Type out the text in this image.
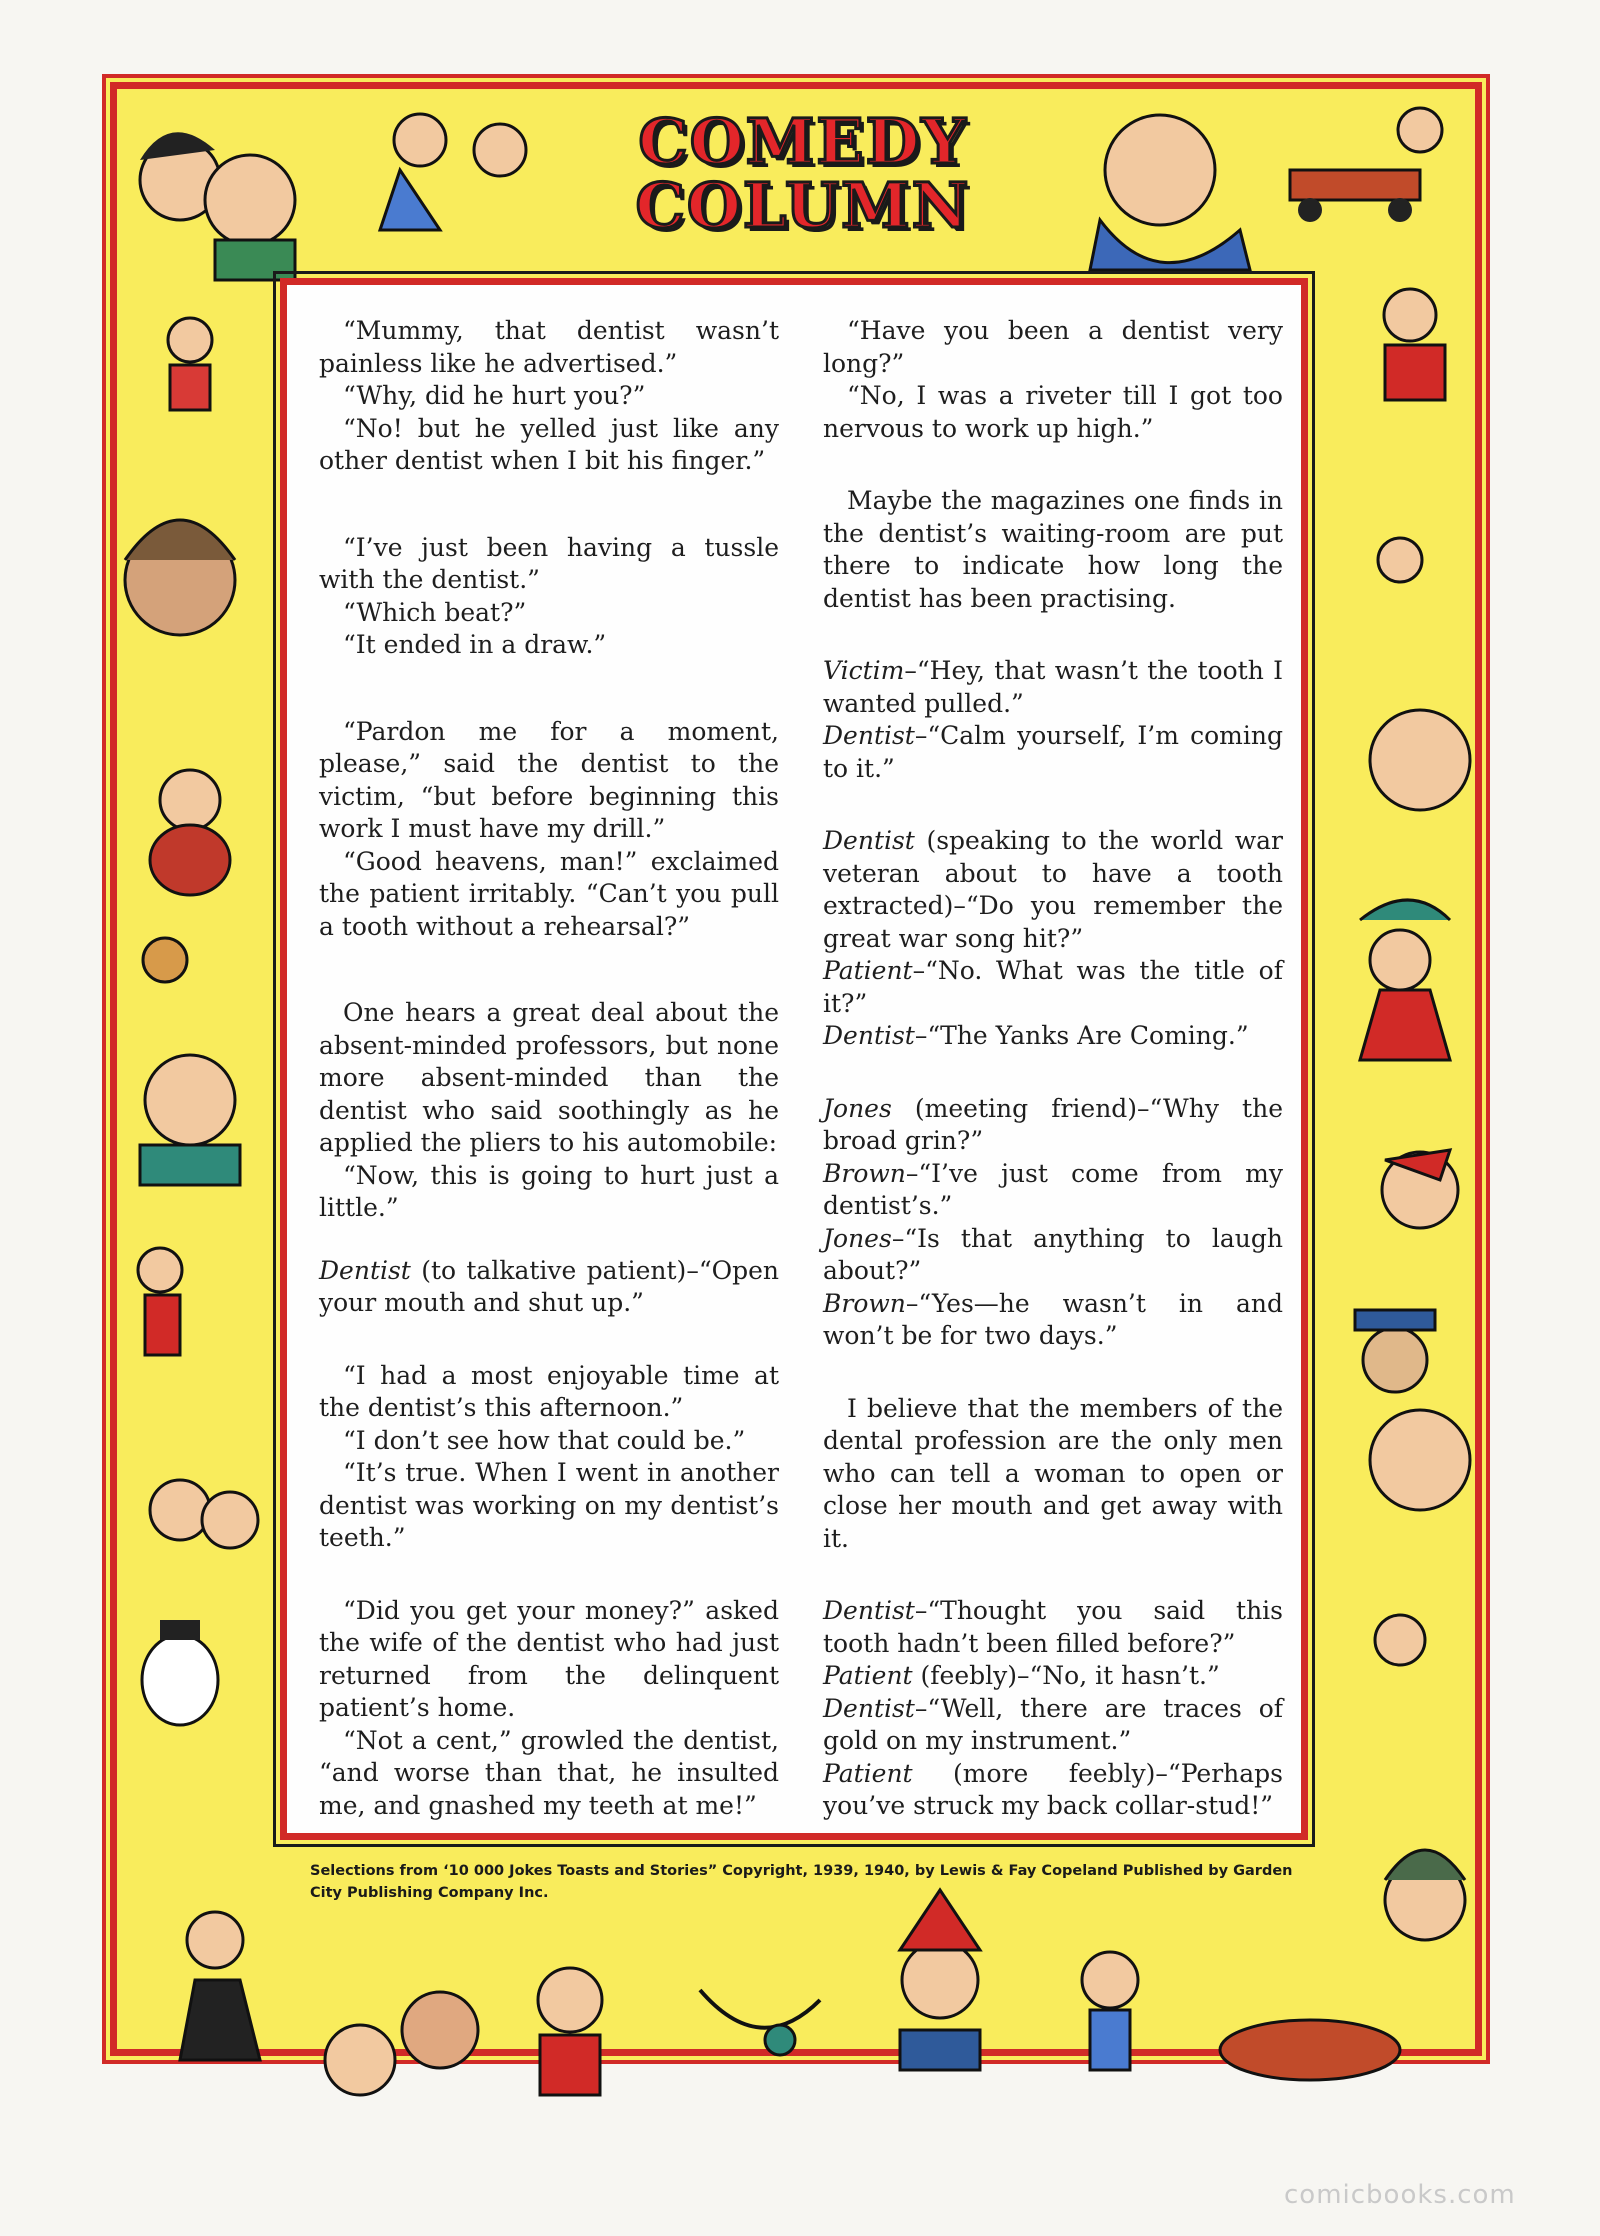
COMEDY
COLUMN

“Mummy, that dentist wasn’t painless like he advertised.”

“Why, did he hurt you?”

“No! but he yelled just like any other dentist when I bit his finger.”

“I’ve just been having a tussle with the dentist.”

“Which beat?”

“It ended in a draw.”

“Pardon me for a moment, please,” said the dentist to the victim, “but before beginning this work I must have my drill.”

“Good heavens, man!” exclaimed the patient irritably. “Can’t you pull a tooth without a rehearsal?”

One hears a great deal about the absent-minded professors, but none more absent-minded than the dentist who said soothingly as he applied the pliers to his automobile:

“Now, this is going to hurt just a little.”

Dentist (to talkative patient)–“Open your mouth and shut up.”

“I had a most enjoyable time at the dentist’s this afternoon.”

“I don’t see how that could be.”

“It’s true. When I went in another dentist was working on my dentist’s teeth.”

“Did you get your money?” asked the wife of the dentist who had just returned from the delinquent patient’s home.

“Not a cent,” growled the dentist, “and worse than that, he insulted me, and gnashed my teeth at me!”

“Have you been a dentist very long?”

“No, I was a riveter till I got too nervous to work up high.”

Maybe the magazines one finds in the dentist’s waiting-room are put there to indicate how long the dentist has been practising.

Victim–“Hey, that wasn’t the tooth I wanted pulled.”

Dentist–“Calm yourself, I’m coming to it.”

Dentist (speaking to the world war veteran about to have a tooth extracted)–“Do you remember the great war song hit?”

Patient–“No. What was the title of it?”

Dentist–“The Yanks Are Coming.”

Jones (meeting friend)–“Why the broad grin?”

Brown–“I’ve just come from my dentist’s.”

Jones–“Is that anything to laugh about?”

Brown–“Yes—he wasn’t in and won’t be for two days.”

I believe that the members of the dental profession are the only men who can tell a woman to open or close her mouth and get away with it.

Dentist–“Thought you said this tooth hadn’t been filled before?”

Patient (feebly)–“No, it hasn’t.”

Dentist–“Well, there are traces of gold on my instrument.”

Patient (more feebly)–“Perhaps you’ve struck my back collar-stud!”

Selections from ‘10 000 Jokes Toasts and Stories” Copyright, 1939, 1940, by Lewis & Fay Copeland Published by Garden City Publishing Company Inc.
comicbooks.com
